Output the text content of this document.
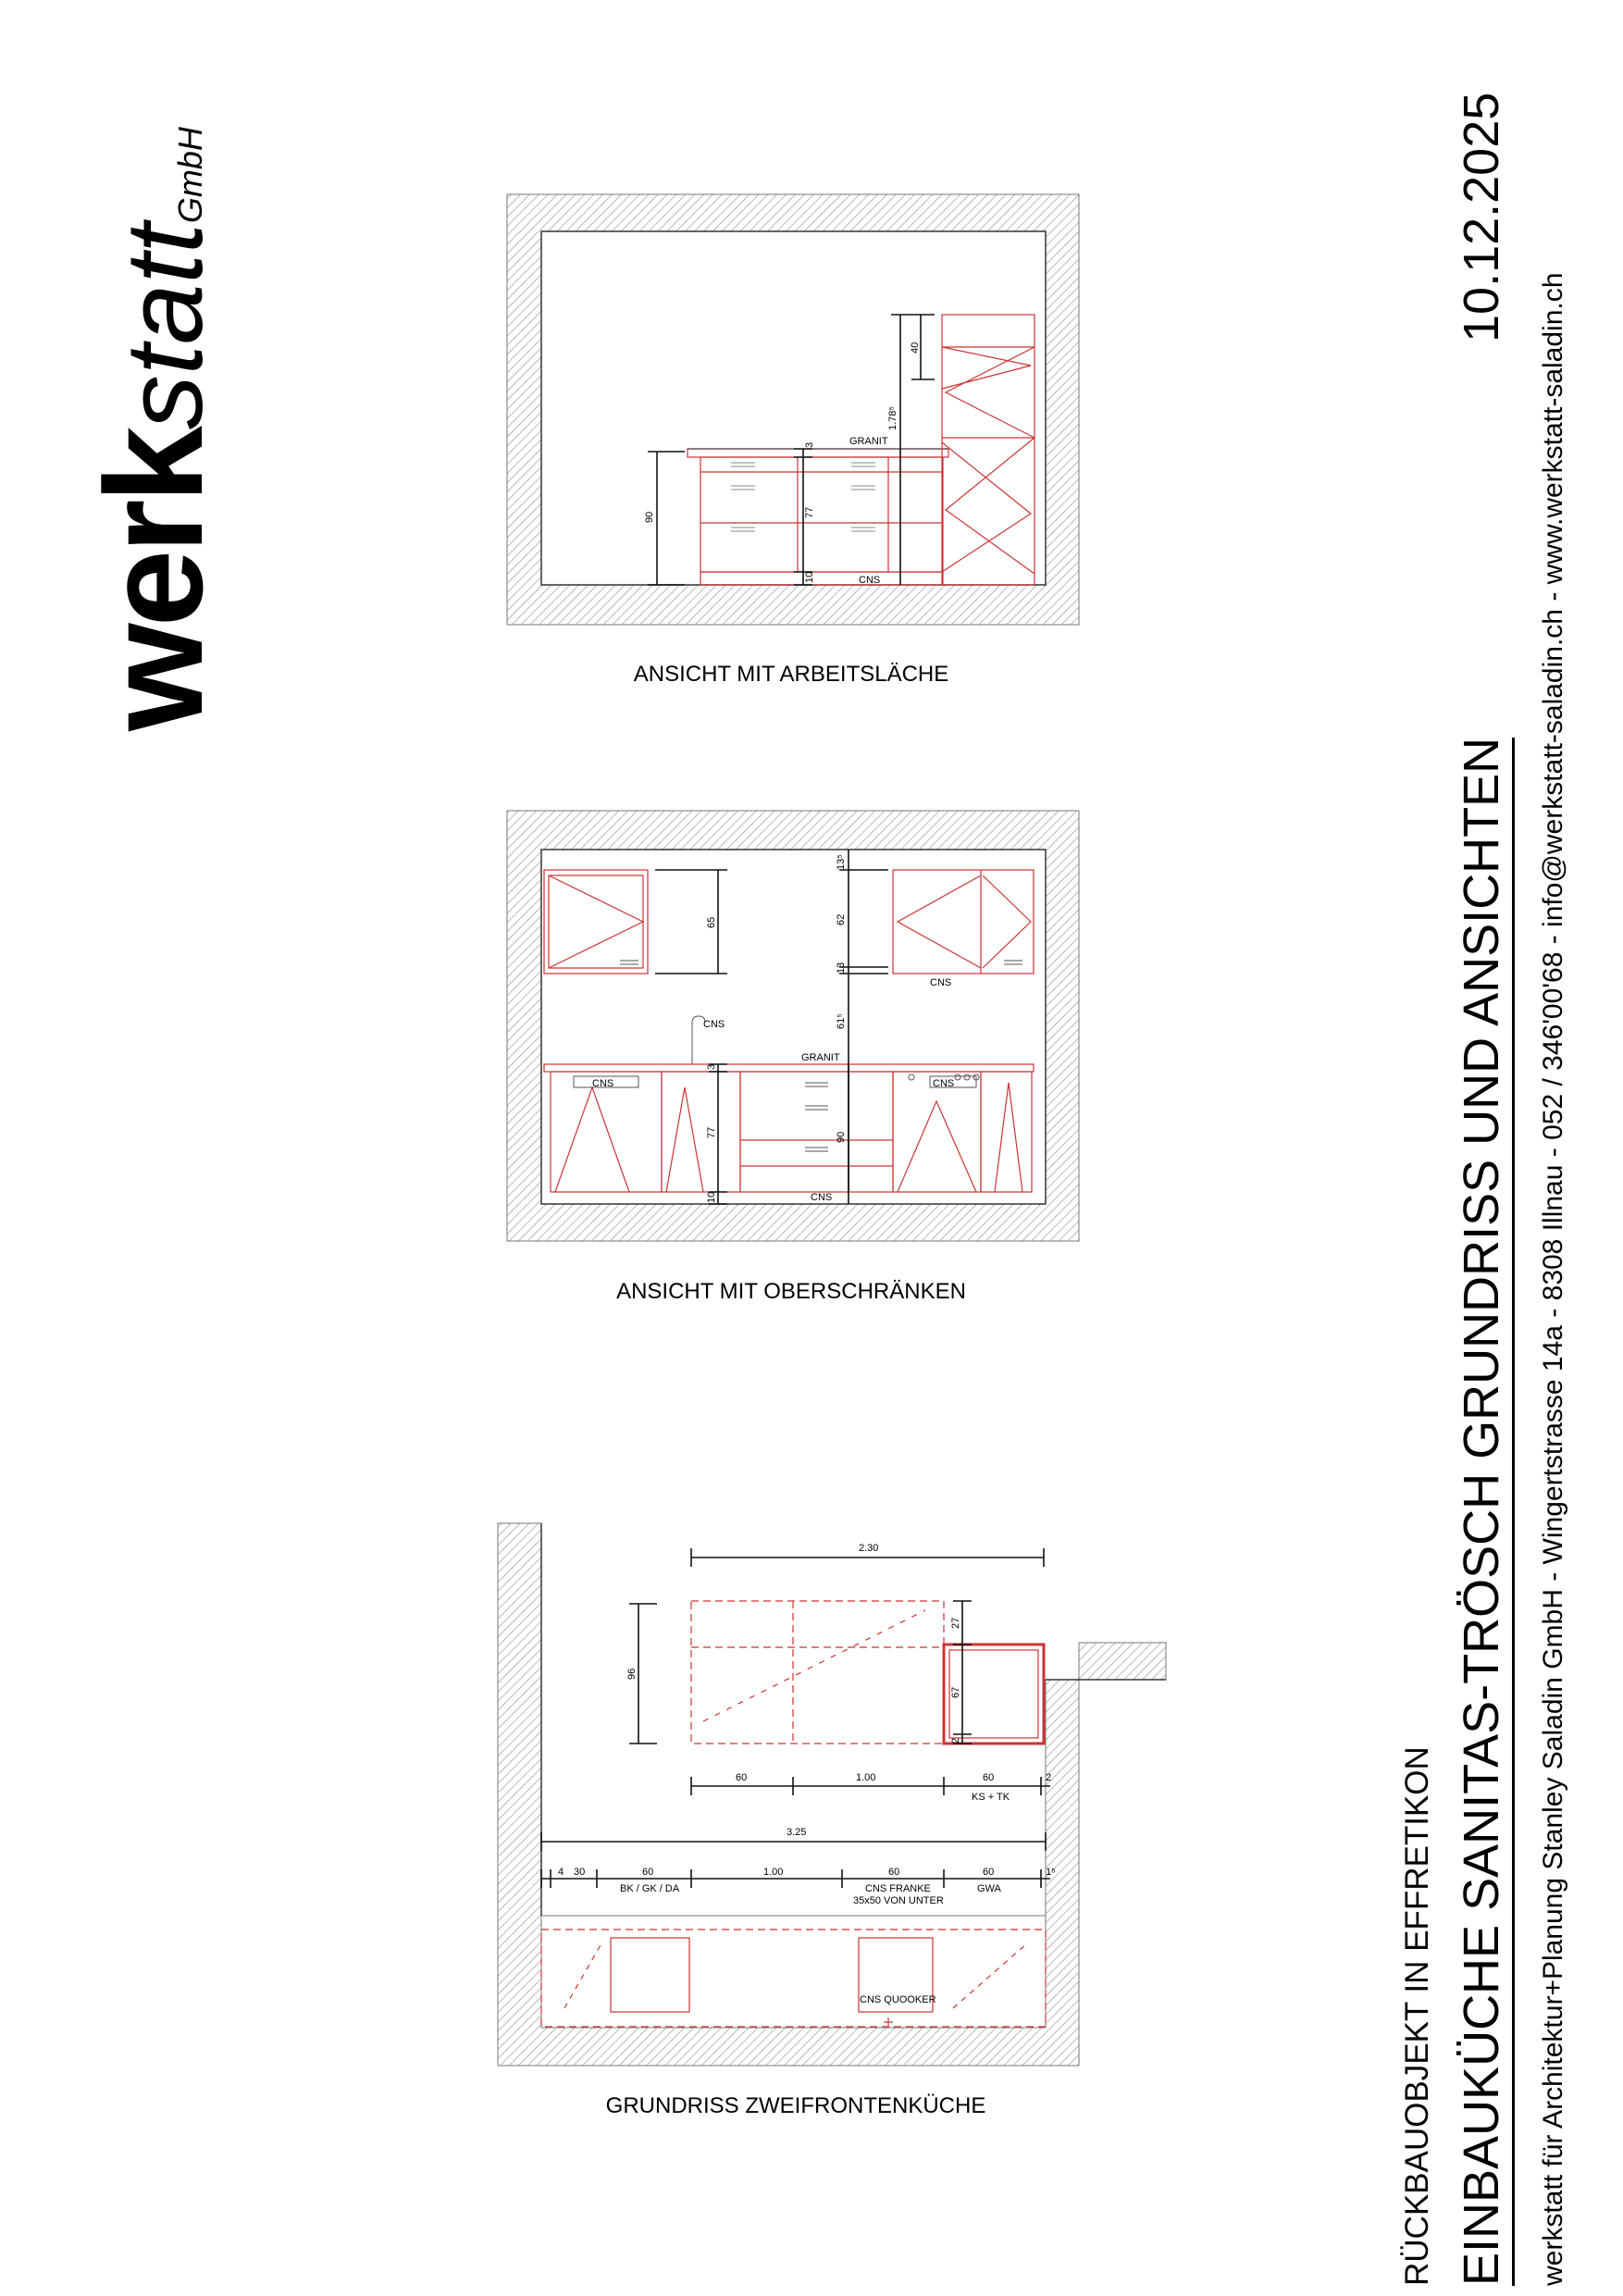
werkstattGmbH
RÜCKBAUOBJEKT IN EFFRETIKON EINBAUKÜCHE SANITAS-TRÖSCH GRUNDRISS UND ANSICHTEN
10.12.2025
werkstatt für Architektur+Planung Stanley Saladin GmbH - Wingertstrasse 14a - 8308 Illnau - 052 / 346'00'68 - info@werkstatt-saladin.ch - www.werkstatt-saladin.ch
90	77
3
10
40
1.78⁵
GRANIT
CNS
65
13⁵
62
13
61⁵
3
77	90
10
CNS
CNS
GRANIT
CNS	CNS
CNS
2.30
96
27
67
2
60	1.00	60	2
KS + TK
3.25
4 30	60	1.00	60	60	1⁵
BK / GK / DA	CNS FRANKE
35x50 VON UNTER
GWA
CNS QUOOKER
ANSICHT MIT ARBEITSLÄCHE
ANSICHT MIT OBERSCHRÄNKEN
GRUNDRISS ZWEIFRONTENKÜCHE
